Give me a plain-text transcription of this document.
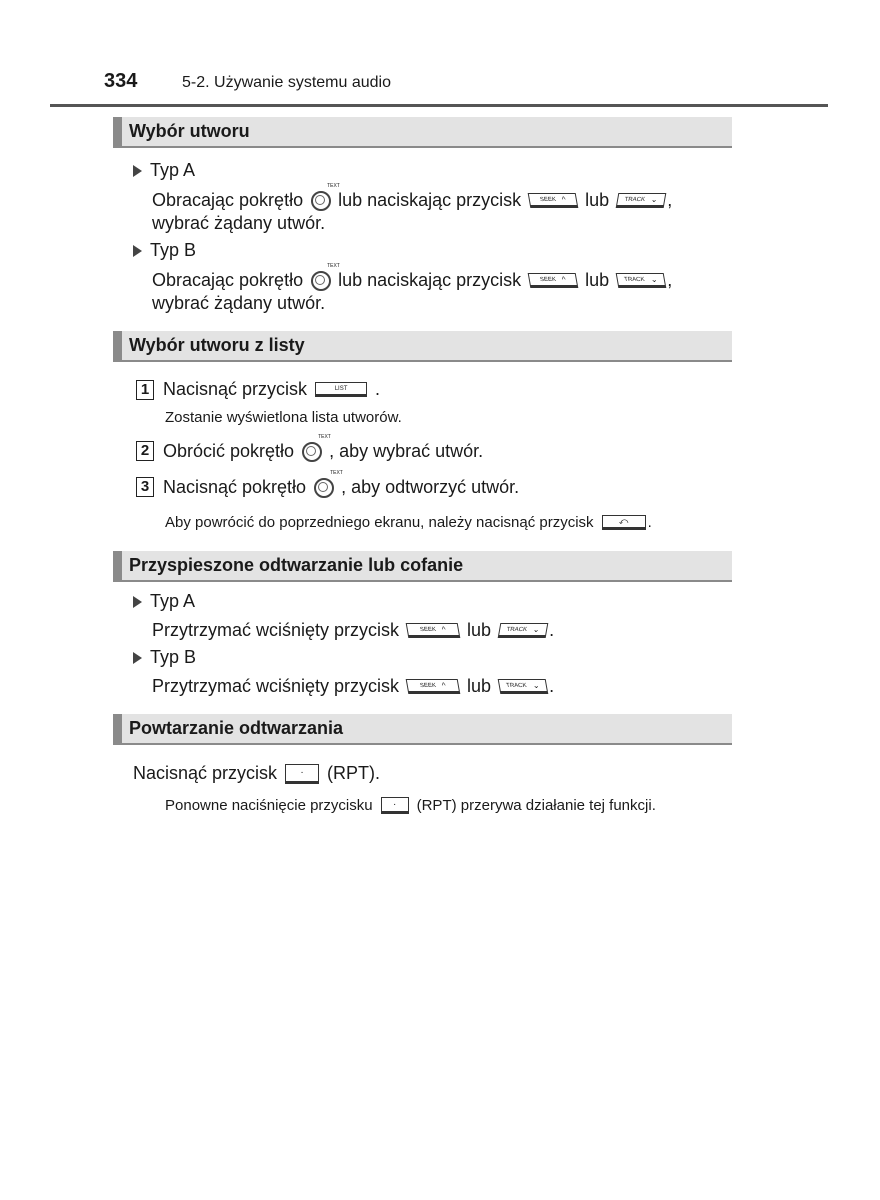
334	5-2. Używanie systemu audio
Wybór utworu
Typ A
Obracając pokrętło
TEXT
lub naciskając przycisk	SEEK ^ lub	TRACK ⌄ ,
wybrać żądany utwór.
Typ B
Obracając pokrętło
TEXT
lub naciskając przycisk	SEEK ^ lub TRACK ⌄ ,
wybrać żądany utwór.
Wybór utworu z listy
1 Nacisnąć przycisk	LIST .
Zostanie wyświetlona lista utworów.
2 Obrócić pokrętło
TEXT
, aby wybrać utwór.
3 Nacisnąć pokrętło
TEXT
, aby odtworzyć utwór.
Aby powrócić do poprzedniego ekranu, należy nacisnąć przycisk	⤺ .
Przyspieszone odtwarzanie lub cofanie
Typ A
Przytrzymać wciśnięty przycisk	SEEK ^ lub	TRACK ⌄ .
Typ B
Przytrzymać wciśnięty przycisk	SEEK ^ lub TRACK ⌄ .
Powtarzanie odtwarzania
Nacisnąć przycisk · (RPT).
Ponowne naciśnięcie przycisku · (RPT) przerywa działanie tej funkcji.
